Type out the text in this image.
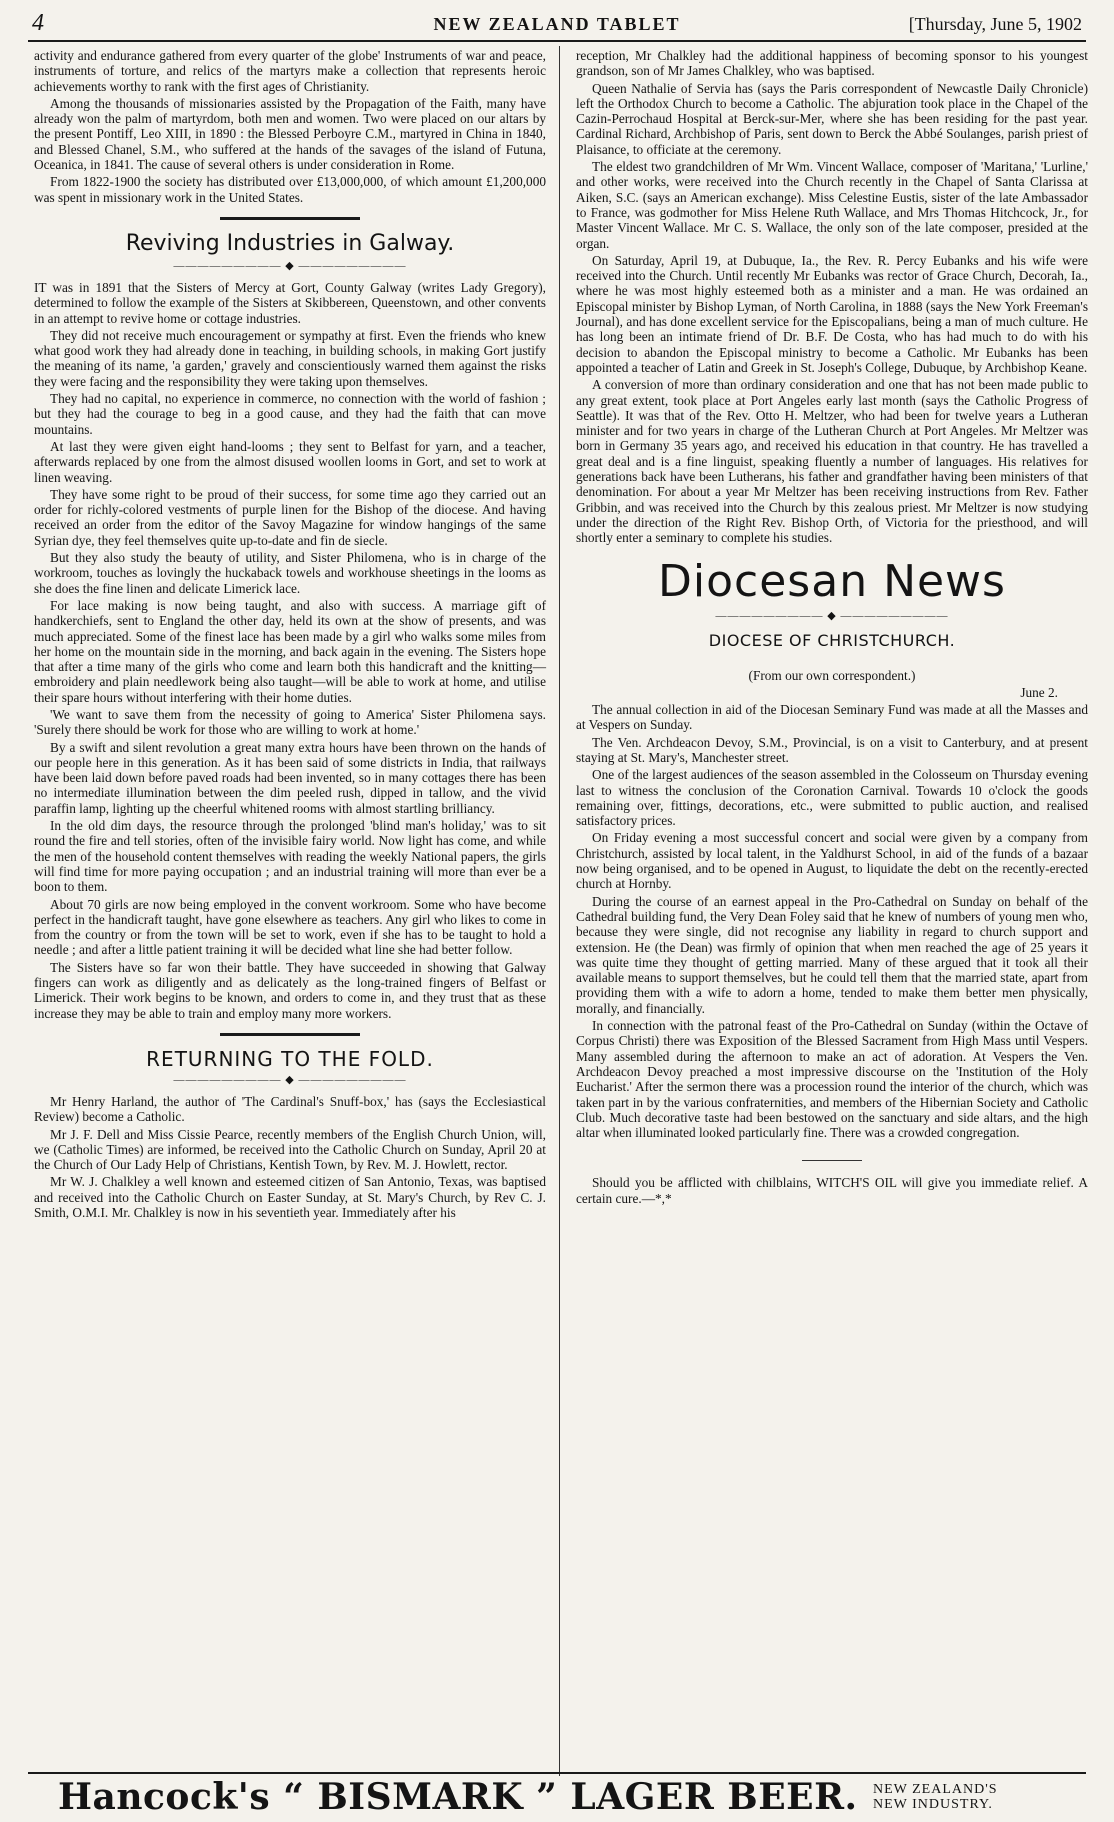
4	NEW ZEALAND TABLET	[Thursday, June 5, 1902

activity and endurance gathered from every quarter of the globe' Instruments of war and peace, instruments of torture, and relics of the martyrs make a collection that represents heroic achievements worthy to rank with the first ages of Christianity.

Among the thousands of missionaries assisted by the Propagation of the Faith, many have already won the palm of martyrdom, both men and women. Two were placed on our altars by the present Pontiff, Leo XIII, in 1890 : the Blessed Perboyre C.M., martyred in China in 1840, and Blessed Chanel, S.M., who suffered at the hands of the savages of the island of Futuna, Oceanica, in 1841. The cause of several others is under consideration in Rome.

From 1822-1900 the society has distributed over £13,000,000, of which amount £1,200,000 was spent in missionary work in the United States.

Reviving Industries in Galway.
————————— ◆ —————————

IT was in 1891 that the Sisters of Mercy at Gort, County Galway (writes Lady Gregory), determined to follow the example of the Sisters at Skibbereen, Queenstown, and other convents in an attempt to revive home or cottage industries.

They did not receive much encouragement or sympathy at first. Even the friends who knew what good work they had already done in teaching, in building schools, in making Gort justify the meaning of its name, 'a garden,' gravely and conscientiously warned them against the risks they were facing and the responsibility they were taking upon themselves.

They had no capital, no experience in commerce, no connection with the world of fashion ; but they had the courage to beg in a good cause, and they had the faith that can move mountains.

At last they were given eight hand-looms ; they sent to Belfast for yarn, and a teacher, afterwards replaced by one from the almost disused woollen looms in Gort, and set to work at linen weaving.

They have some right to be proud of their success, for some time ago they carried out an order for richly-colored vestments of purple linen for the Bishop of the diocese. And having received an order from the editor of the Savoy Magazine for window hangings of the same Syrian dye, they feel themselves quite up-to-date and fin de siecle.

But they also study the beauty of utility, and Sister Philomena, who is in charge of the workroom, touches as lovingly the huckaback towels and workhouse sheetings in the looms as she does the fine linen and delicate Limerick lace.

For lace making is now being taught, and also with success. A marriage gift of handkerchiefs, sent to England the other day, held its own at the show of presents, and was much appreciated. Some of the finest lace has been made by a girl who walks some miles from her home on the mountain side in the morning, and back again in the evening. The Sisters hope that after a time many of the girls who come and learn both this handicraft and the knitting—embroidery and plain needlework being also taught—will be able to work at home, and utilise their spare hours without interfering with their home duties.

'We want to save them from the necessity of going to America' Sister Philomena says. 'Surely there should be work for those who are willing to work at home.'

By a swift and silent revolution a great many extra hours have been thrown on the hands of our people here in this generation. As it has been said of some districts in India, that railways have been laid down before paved roads had been invented, so in many cottages there has been no intermediate illumination between the dim peeled rush, dipped in tallow, and the vivid paraffin lamp, lighting up the cheerful whitened rooms with almost startling brilliancy.

In the old dim days, the resource through the prolonged 'blind man's holiday,' was to sit round the fire and tell stories, often of the invisible fairy world. Now light has come, and while the men of the household content themselves with reading the weekly National papers, the girls will find time for more paying occupation ; and an industrial training will more than ever be a boon to them.

About 70 girls are now being employed in the convent workroom. Some who have become perfect in the handicraft taught, have gone elsewhere as teachers. Any girl who likes to come in from the country or from the town will be set to work, even if she has to be taught to hold a needle ; and after a little patient training it will be decided what line she had better follow.

The Sisters have so far won their battle. They have succeeded in showing that Galway fingers can work as diligently and as delicately as the long-trained fingers of Belfast or Limerick. Their work begins to be known, and orders to come in, and they trust that as these increase they may be able to train and employ many more workers.

RETURNING TO THE FOLD.
————————— ◆ —————————

Mr Henry Harland, the author of 'The Cardinal's Snuff-box,' has (says the Ecclesiastical Review) become a Catholic.

Mr J. F. Dell and Miss Cissie Pearce, recently members of the English Church Union, will, we (Catholic Times) are informed, be received into the Catholic Church on Sunday, April 20 at the Church of Our Lady Help of Christians, Kentish Town, by Rev. M. J. Howlett, rector.

Mr W. J. Chalkley a well known and esteemed citizen of San Antonio, Texas, was baptised and received into the Catholic Church on Easter Sunday, at St. Mary's Church, by Rev C. J. Smith, O.M.I. Mr. Chalkley is now in his seventieth year. Immediately after his

reception, Mr Chalkley had the additional happiness of becoming sponsor to his youngest grandson, son of Mr James Chalkley, who was baptised.

Queen Nathalie of Servia has (says the Paris correspondent of Newcastle Daily Chronicle) left the Orthodox Church to become a Catholic. The abjuration took place in the Chapel of the Cazin-Perrochaud Hospital at Berck-sur-Mer, where she has been residing for the past year. Cardinal Richard, Archbishop of Paris, sent down to Berck the Abbé Soulanges, parish priest of Plaisance, to officiate at the ceremony.

The eldest two grandchildren of Mr Wm. Vincent Wallace, composer of 'Maritana,' 'Lurline,' and other works, were received into the Church recently in the Chapel of Santa Clarissa at Aiken, S.C. (says an American exchange). Miss Celestine Eustis, sister of the late Ambassador to France, was godmother for Miss Helene Ruth Wallace, and Mrs Thomas Hitchcock, Jr., for Master Vincent Wallace. Mr C. S. Wallace, the only son of the late composer, presided at the organ.

On Saturday, April 19, at Dubuque, Ia., the Rev. R. Percy Eubanks and his wife were received into the Church. Until recently Mr Eubanks was rector of Grace Church, Decorah, Ia., where he was most highly esteemed both as a minister and a man. He was ordained an Episcopal minister by Bishop Lyman, of North Carolina, in 1888 (says the New York Freeman's Journal), and has done excellent service for the Episcopalians, being a man of much culture. He has long been an intimate friend of Dr. B.F. De Costa, who has had much to do with his decision to abandon the Episcopal ministry to become a Catholic. Mr Eubanks has been appointed a teacher of Latin and Greek in St. Joseph's College, Dubuque, by Archbishop Keane.

A conversion of more than ordinary consideration and one that has not been made public to any great extent, took place at Port Angeles early last month (says the Catholic Progress of Seattle). It was that of the Rev. Otto H. Meltzer, who had been for twelve years a Lutheran minister and for two years in charge of the Lutheran Church at Port Angeles. Mr Meltzer was born in Germany 35 years ago, and received his education in that country. He has travelled a great deal and is a fine linguist, speaking fluently a number of languages. His relatives for generations back have been Lutherans, his father and grandfather having been ministers of that denomination. For about a year Mr Meltzer has been receiving instructions from Rev. Father Gribbin, and was received into the Church by this zealous priest. Mr Meltzer is now studying under the direction of the Right Rev. Bishop Orth, of Victoria for the priesthood, and will shortly enter a seminary to complete his studies.

Diocesan News
————————— ◆ —————————
DIOCESE OF CHRISTCHURCH.

(From our own correspondent.)

June 2.

The annual collection in aid of the Diocesan Seminary Fund was made at all the Masses and at Vespers on Sunday.

The Ven. Archdeacon Devoy, S.M., Provincial, is on a visit to Canterbury, and at present staying at St. Mary's, Manchester street.

One of the largest audiences of the season assembled in the Colosseum on Thursday evening last to witness the conclusion of the Coronation Carnival. Towards 10 o'clock the goods remaining over, fittings, decorations, etc., were submitted to public auction, and realised satisfactory prices.

On Friday evening a most successful concert and social were given by a company from Christchurch, assisted by local talent, in the Yaldhurst School, in aid of the funds of a bazaar now being organised, and to be opened in August, to liquidate the debt on the recently-erected church at Hornby.

During the course of an earnest appeal in the Pro-Cathedral on Sunday on behalf of the Cathedral building fund, the Very Dean Foley said that he knew of numbers of young men who, because they were single, did not recognise any liability in regard to church support and extension. He (the Dean) was firmly of opinion that when men reached the age of 25 years it was quite time they thought of getting married. Many of these argued that it took all their available means to support themselves, but he could tell them that the married state, apart from providing them with a wife to adorn a home, tended to make them better men physically, morally, and financially.

In connection with the patronal feast of the Pro-Cathedral on Sunday (within the Octave of Corpus Christi) there was Exposition of the Blessed Sacrament from High Mass until Vespers. Many assembled during the afternoon to make an act of adoration. At Vespers the Ven. Archdeacon Devoy preached a most impressive discourse on the 'Institution of the Holy Eucharist.' After the sermon there was a procession round the interior of the church, which was taken part in by the various confraternities, and members of the Hibernian Society and Catholic Club. Much decorative taste had been bestowed on the sanctuary and side altars, and the high altar when illuminated looked particularly fine. There was a crowded congregation.

Should you be afflicted with chilblains, WITCH'S OIL will give you immediate relief. A certain cure.—*,*

Hancock's “ BISMARK ” LAGER BEER. NEW ZEALAND'S
NEW INDUSTRY.
